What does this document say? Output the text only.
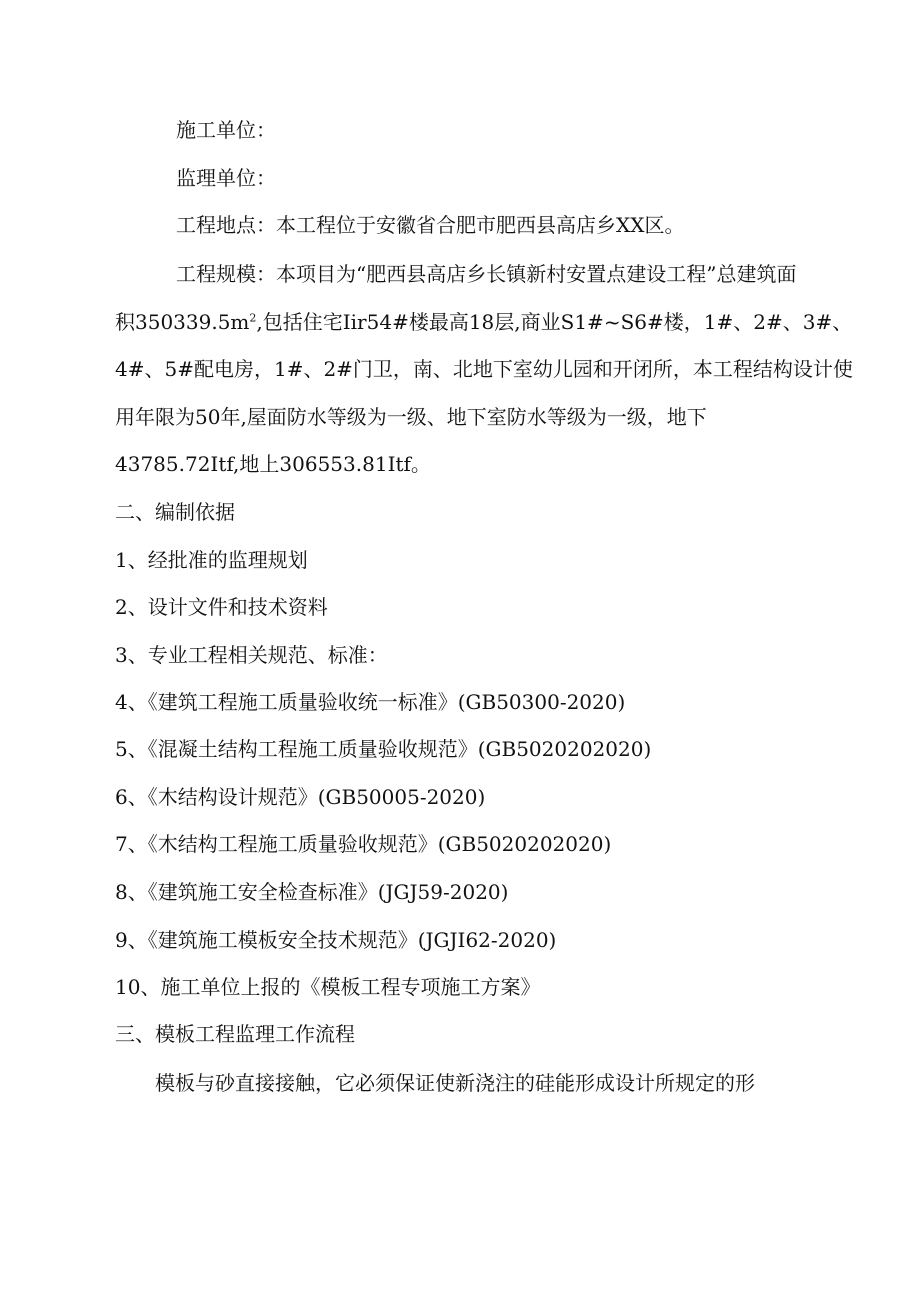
施工单位：
监理单位：
工程地点：本工程位于安徽省合肥市肥西县高店乡XX区。
工程规模：本项目为“肥西县高店乡长镇新村安置点建设工程”总建筑面
积$350339.5m^2$,包括住宅Iir54#楼最高18层,商业S1#~S6#楼，1#、2#、3#、
4#、5#配电房，1#、2#门卫，南、北地下室幼儿园和开闭所，本工程结构设计使
用年限为50年,屋面防水等级为一级、地下室防水等级为一级，地下
43785.72Itf,地上306553.81Itf。
二、编制依据
1、经批准的监理规划
2、设计文件和技术资料
3、专业工程相关规范、标准：
4、《建筑工程施工质量验收统一标准》(GB50300-2020)
5、《混凝土结构工程施工质量验收规范》(GB5020202020)
6、《木结构设计规范》(GB50005-2020)
7、《木结构工程施工质量验收规范》(GB5020202020)
8、《建筑施工安全检查标准》(JGJ59-2020)
9、《建筑施工模板安全技术规范》(JGJI62-2020)
10、施工单位上报的《模板工程专项施工方案》
三、模板工程监理工作流程
模板与砂直接接触，它必须保证使新浇注的硅能形成设计所规定的形
